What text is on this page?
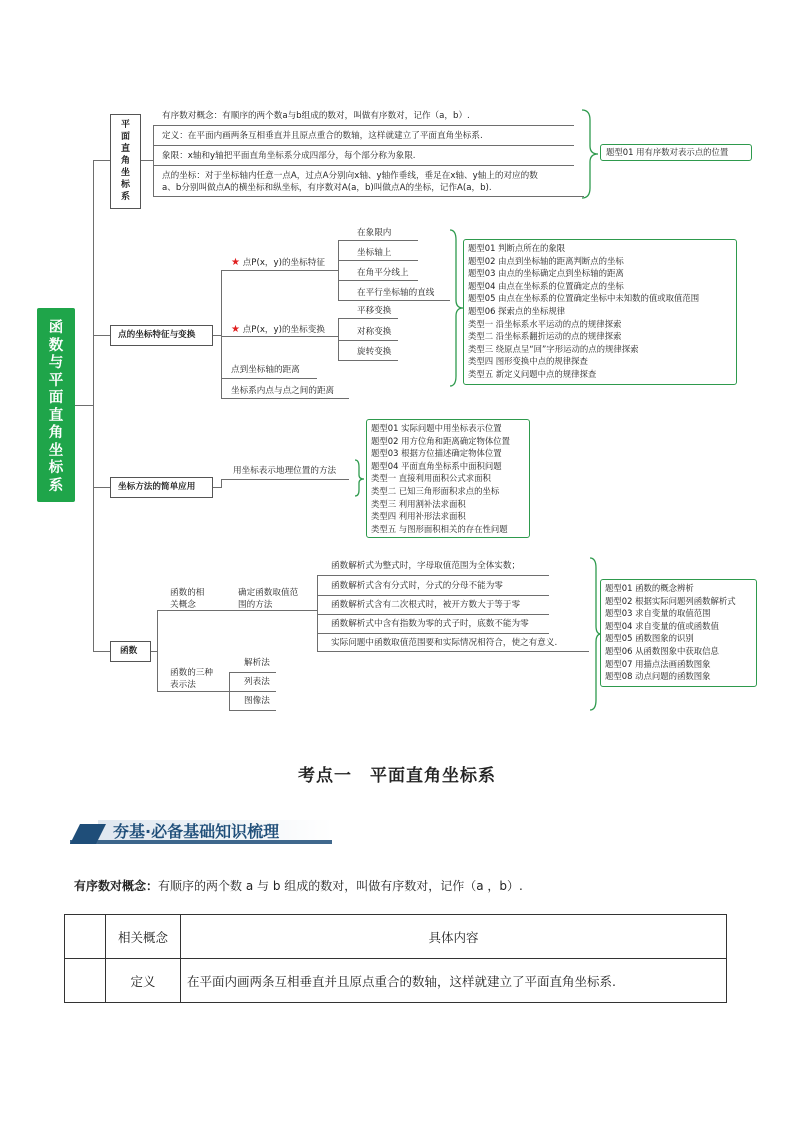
函
数
与
平
面
直
角
坐
标
系
平
面
直
角
坐
标
系
有序数对概念：有顺序的两个数a与b组成的数对，叫做有序数对，记作（a，b）.
定义：在平面内画两条互相垂直并且原点重合的数轴，这样就建立了平面直角坐标系.
象限：x轴和y轴把平面直角坐标系分成四部分，每个部分称为象限.
点的坐标：对于坐标轴内任意一点A，过点A分别向x轴、y轴作垂线，垂足在x轴、y轴上的对应的数
a、b分别叫做点A的横坐标和纵坐标，有序数对A(a，b)叫做点A的坐标，记作A(a，b).
题型01 用有序数对表示点的位置
点的坐标特征与变换
★ 点P(x，y)的坐标特征
★ 点P(x，y)的坐标变换
点到坐标轴的距离
坐标系内点与点之间的距离
在象限内
坐标轴上
在角平分线上
在平行坐标轴的直线
平移变换
对称变换
旋转变换
题型01 判断点所在的象限
题型02 由点到坐标轴的距离判断点的坐标
题型03 由点的坐标确定点到坐标轴的距离
题型04 由点在坐标系的位置确定点的坐标
题型05 由点在坐标系的位置确定坐标中未知数的值或取值范围
题型06 探索点的坐标规律
类型一 沿坐标系水平运动的点的规律探索
类型二 沿坐标系翻折运动的点的规律探索
类型三 绕原点呈“回”字形运动的点的规律探索
类型四 图形变换中点的规律探查
类型五 新定义问题中点的规律探查
坐标方法的简单应用
用坐标表示地理位置的方法
题型01 实际问题中用坐标表示位置
题型02 用方位角和距离确定物体位置
题型03 根据方位描述确定物体位置
题型04 平面直角坐标系中面积问题
类型一 直接利用面积公式求面积
类型二 已知三角形面积求点的坐标
类型三 利用割补法求面积
类型四 利用补形法求面积
类型五 与图形面积相关的存在性问题
函数
函数的相
关概念
函数的三种
表示法
确定函数取值范
围的方法
函数解析式为整式时，字母取值范围为全体实数；
函数解析式含有分式时，分式的分母不能为零
函数解析式含有二次根式时，被开方数大于等于零
函数解析式中含有指数为零的式子时，底数不能为零
实际问题中函数取值范围要和实际情况相符合，使之有意义.
解析法
列表法
图像法
题型01 函数的概念辨析
题型02 根据实际问题列函数解析式
题型03 求自变量的取值范围
题型04 求自变量的值或函数值
题型05 函数图象的识别
题型06 从函数图象中获取信息
题型07 用描点法画函数图象
题型08 动点问题的函数图象
考点一　平面直角坐标系
夯基·必备基础知识梳理
有序数对概念：有顺序的两个数 a 与 b 组成的数对，叫做有序数对，记作（a ，b）.
	相关概念	具体内容
	定义	在平面内画两条互相垂直并且原点重合的数轴，这样就建立了平面直角坐标系.
